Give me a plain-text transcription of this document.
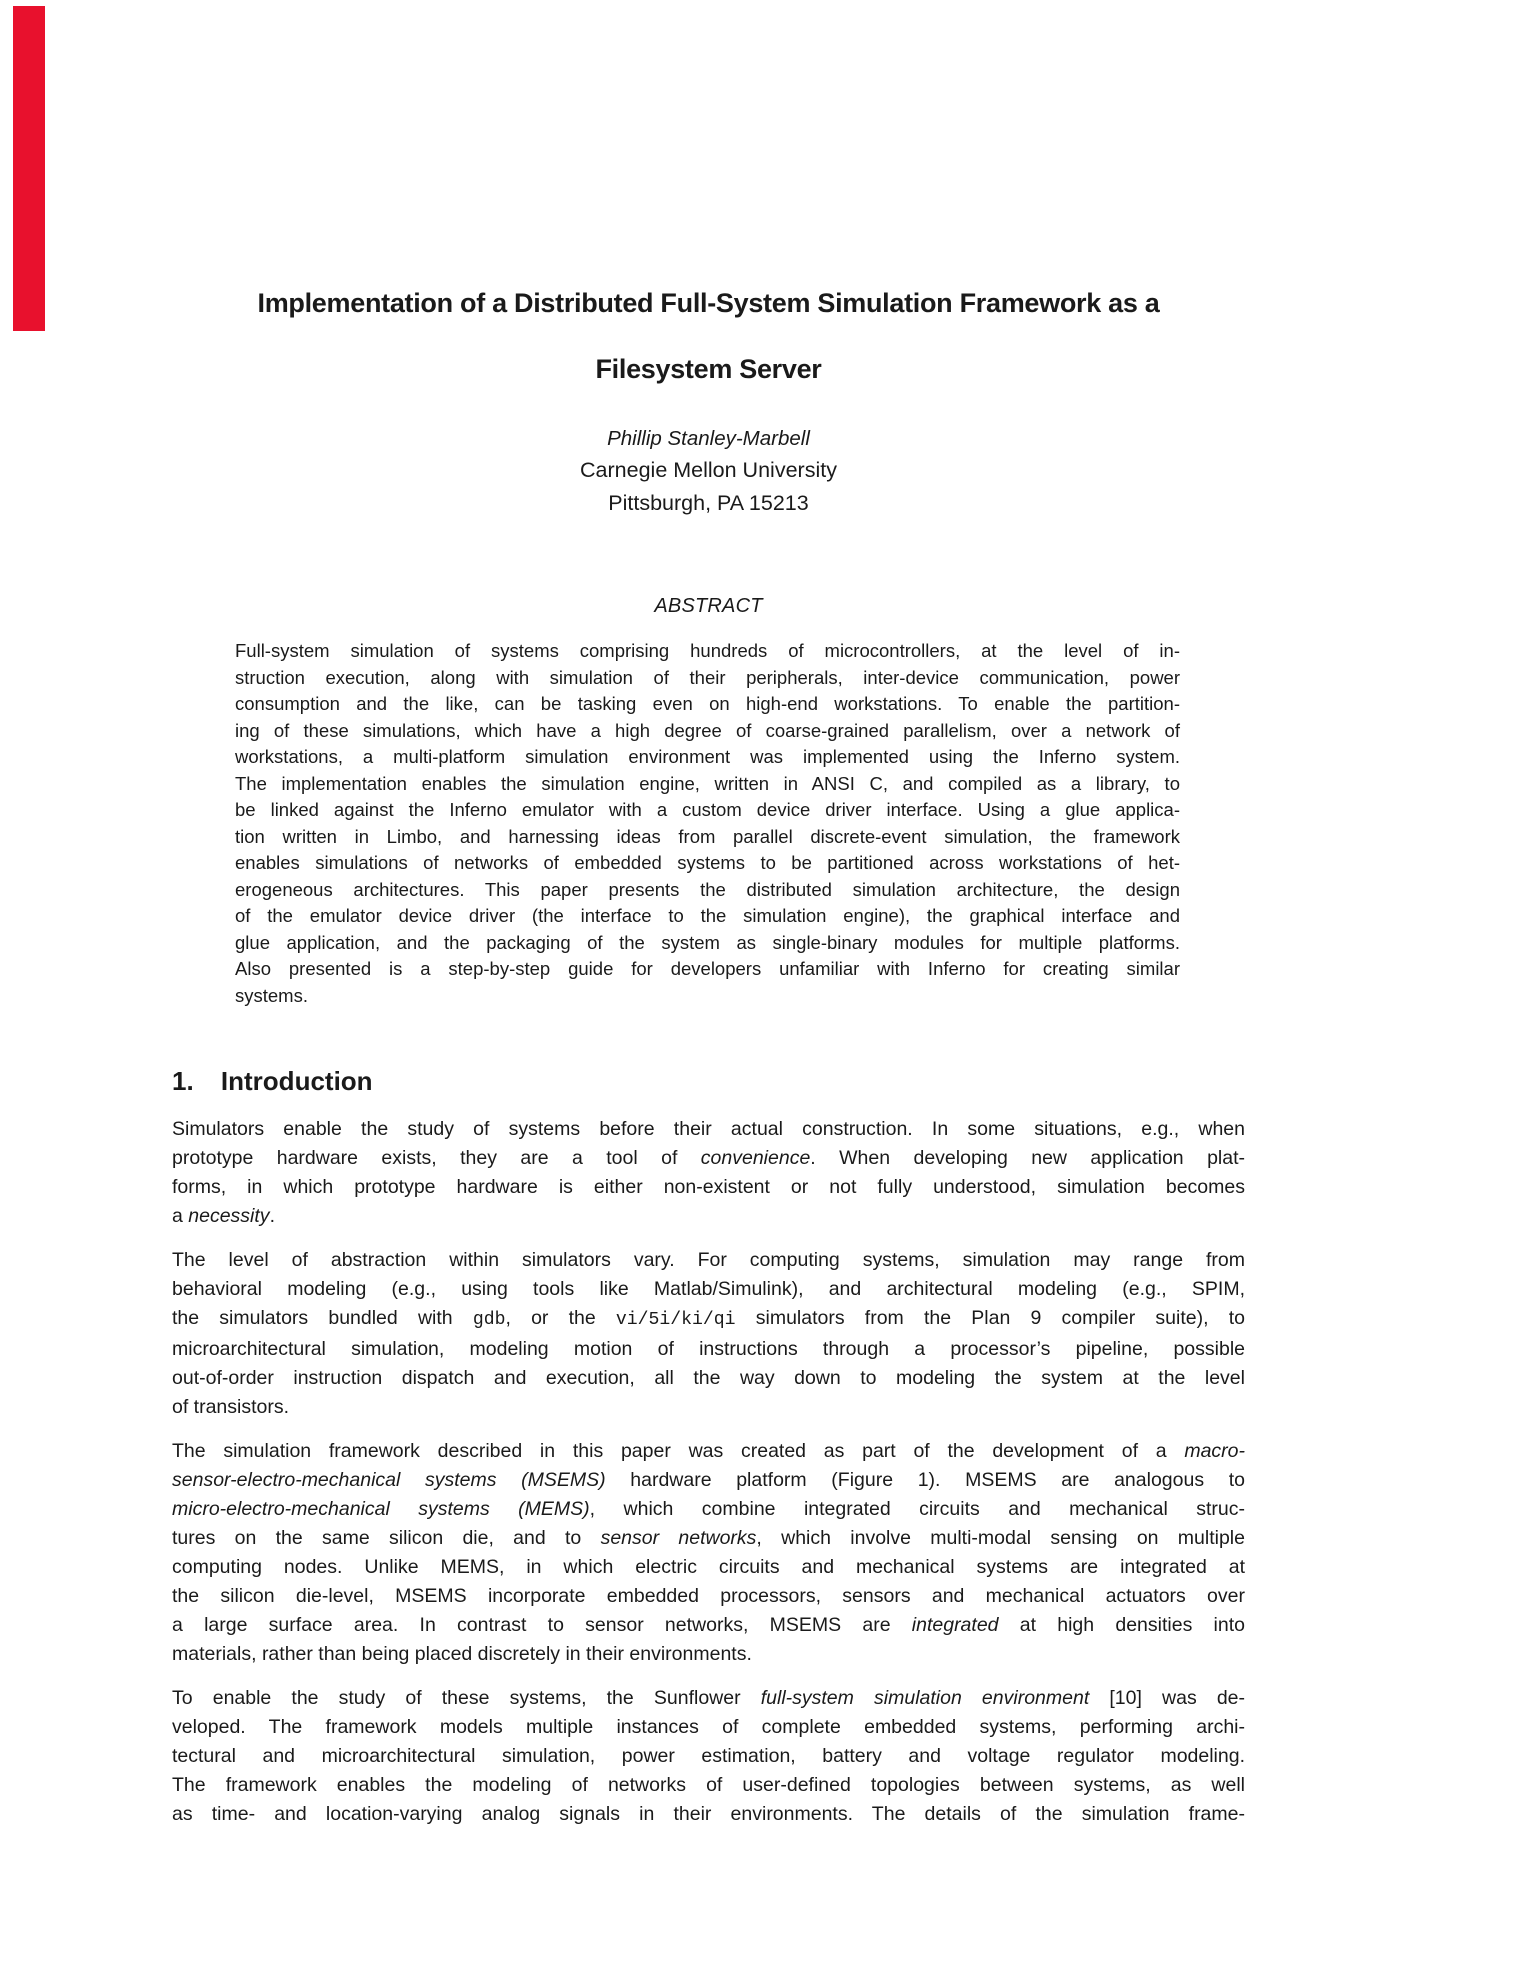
Implementation of a Distributed Full-System Simulation Framework as a
Filesystem Server
Phillip Stanley-Marbell
Carnegie Mellon University
Pittsburgh, PA 15213
ABSTRACT
Full-system simulation of systems comprising hundreds of microcontrollers, at the level of in-
struction execution, along with simulation of their peripherals, inter-device communication, power
consumption and the like, can be tasking even on high-end workstations. To enable the partition-
ing of these simulations, which have a high degree of coarse-grained parallelism, over a network of
workstations, a multi-platform simulation environment was implemented using the Inferno system.
The implementation enables the simulation engine, written in ANSI C, and compiled as a library, to
be linked against the Inferno emulator with a custom device driver interface. Using a glue applica-
tion written in Limbo, and harnessing ideas from parallel discrete-event simulation, the framework
enables simulations of networks of embedded systems to be partitioned across workstations of het-
erogeneous architectures. This paper presents the distributed simulation architecture, the design
of the emulator device driver (the interface to the simulation engine), the graphical interface and
glue application, and the packaging of the system as single-binary modules for multiple platforms.
Also presented is a step-by-step guide for developers unfamiliar with Inferno for creating similar
systems.
1. Introduction
Simulators enable the study of systems before their actual construction. In some situations, e.g., when
prototype hardware exists, they are a tool of convenience. When developing new application plat-
forms, in which prototype hardware is either non-existent or not fully understood, simulation becomes
a necessity.
The level of abstraction within simulators vary. For computing systems, simulation may range from
behavioral modeling (e.g., using tools like Matlab/Simulink), and architectural modeling (e.g., SPIM,
the simulators bundled with gdb, or the vi/5i/ki/qi simulators from the Plan 9 compiler suite), to
microarchitectural simulation, modeling motion of instructions through a processor’s pipeline, possible
out-of-order instruction dispatch and execution, all the way down to modeling the system at the level
of transistors.
The simulation framework described in this paper was created as part of the development of a macro-
sensor-electro-mechanical systems (MSEMS) hardware platform (Figure 1). MSEMS are analogous to
micro-electro-mechanical systems (MEMS), which combine integrated circuits and mechanical struc-
tures on the same silicon die, and to sensor networks, which involve multi-modal sensing on multiple
computing nodes. Unlike MEMS, in which electric circuits and mechanical systems are integrated at
the silicon die-level, MSEMS incorporate embedded processors, sensors and mechanical actuators over
a large surface area. In contrast to sensor networks, MSEMS are integrated at high densities into
materials, rather than being placed discretely in their environments.
To enable the study of these systems, the Sunflower full-system simulation environment [10] was de-
veloped. The framework models multiple instances of complete embedded systems, performing archi-
tectural and microarchitectural simulation, power estimation, battery and voltage regulator modeling.
The framework enables the modeling of networks of user-defined topologies between systems, as well
as time- and location-varying analog signals in their environments. The details of the simulation frame-
